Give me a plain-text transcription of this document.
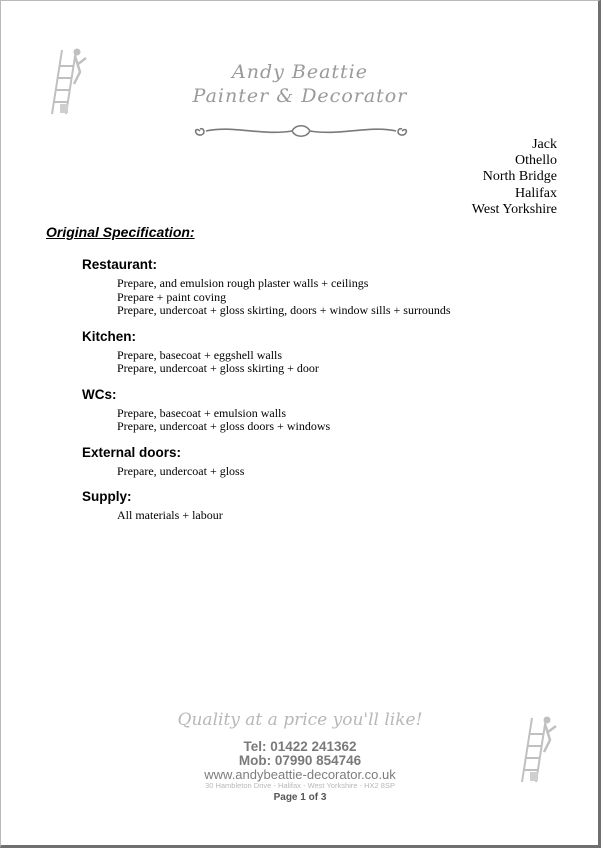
Andy Beattie
Painter & Decorator
Jack
Othello
North Bridge
Halifax
West Yorkshire
Original Specification:
Restaurant:
Prepare, and emulsion rough plaster walls + ceilings
Prepare + paint coving
Prepare, undercoat + gloss skirting, doors + window sills + surrounds
Kitchen:
Prepare, basecoat + eggshell walls
Prepare, undercoat + gloss skirting + door
WCs:
Prepare, basecoat + emulsion walls
Prepare, undercoat + gloss doors + windows
External doors:
Prepare, undercoat + gloss
Supply:
All materials + labour
Quality at a price you'll like!
Tel: 01422 241362
Mob: 07990 854746
www.andybeattie-decorator.co.uk
30 Hambleton Drive - Halifax - West Yorkshire - HX2 8SP
Page 1 of 3
